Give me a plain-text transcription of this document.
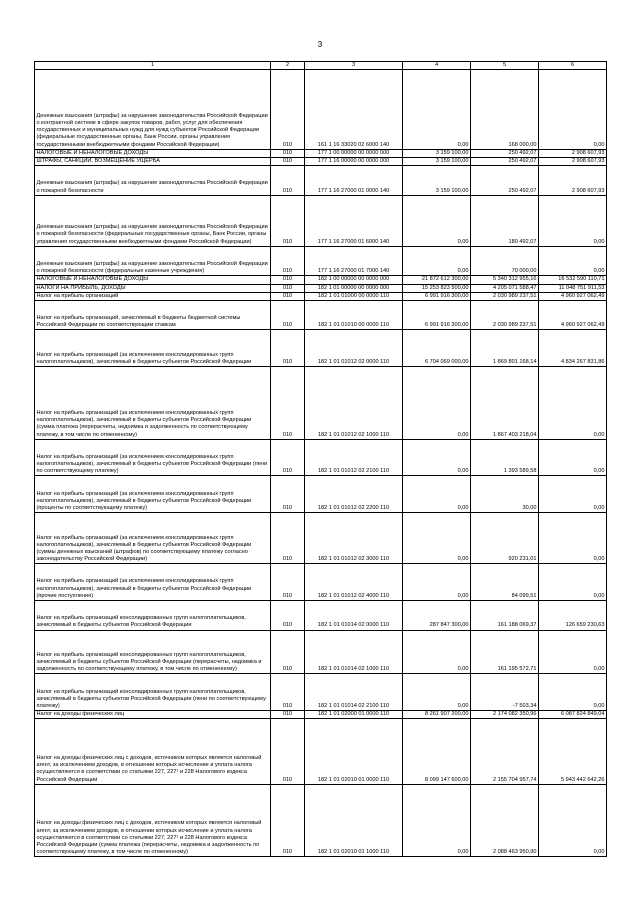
3
1	2	3	4	5	6
Денежные взыскания (штрафы) за нарушение законодательства Российской Федерации о контрактной системе в сфере закупок товаров, работ, услуг для обеспечения государственных и муниципальных нужд для нужд субъектов Российской Федерации (федеральные государственные органы, Банк России, органы управления государственными внебюджетными фондами Российской Федерации)	010	161 1 16 33020 02 6000 140	0,00	168 000,00	0,00
НАЛОГОВЫЕ И НЕНАЛОГОВЫЕ ДОХОДЫ	010	177 1 00 00000 00 0000 000	3 159 100,00	250 492,07	2 908 607,93
ШТРАФЫ, САНКЦИИ, ВОЗМЕЩЕНИЕ УЩЕРБА	010	177 1 16 00000 00 0000 000	3 159 100,00	250 492,07	2 908 607,93
Денежные взыскания (штрафы) за нарушение законодательства Российской Федерации о пожарной безопасности	010	177 1 16 27000 01 0000 140	3 159 100,00	250 492,07	2 908 607,93
Денежные взыскания (штрафы) за нарушение законодательства Российской Федерации о пожарной безопасности (федеральные государственные органы, Банк России, органы управления государственными внебюджетными фондами Российской Федерации)	010	177 1 16 27000 01 6000 140	0,00	180 492,07	0,00
Денежные взыскания (штрафы) за нарушение законодательства Российской Федерации о пожарной безопасности (федеральные казенные учреждения)	010	177 1 16 27000 01 7000 140	0,00	70 000,00	0,00
НАЛОГОВЫЕ И НЕНАЛОГОВЫЕ ДОХОДЫ	010	182 1 00 00000 00 0000 000	21 872 612 300,00	5 340 312 955,16	16 532 590 110,71
НАЛОГИ НА ПРИБЫЛЬ, ДОХОДЫ	010	182 1 01 00000 00 0000 000	15 253 823 500,00	4 205 071 588,47	11 048 751 911,53
Налог на прибыль организаций	010	182 1 01 01000 00 0000 110	6 991 916 300,00	2 030 989 237,51	4 960 927 062,49
Налог на прибыль организаций, зачисляемый в бюджеты бюджетной системы Российской Федерации по соответствующим ставкам	010	182 1 01 01010 00 0000 110	6 991 916 300,00	2 030 989 237,51	4 960 927 062,49
Налог на прибыль организаций (за исключением консолидированных групп налогоплательщиков), зачисляемый в бюджеты субъектов Российской Федерации	010	182 1 01 01012 02 0000 110	6 704 069 000,00	1 869 801 168,14	4 834 267 831,86
Налог на прибыль организаций (за исключением консолидированных групп налогоплательщиков), зачисляемый в бюджеты субъектов Российской Федерации (сумма платежа (перерасчеты, недоимка и задолженность по соответствующему платежу, в том числе по отмененному)	010	182 1 01 01012 02 1000 110	0,00	1 867 403 218,04	0,00
Налог на прибыль организаций (за исключением консолидированных групп налогоплательщиков), зачисляемый в бюджеты субъектов Российской Федерации (пени по соответствующему платежу)	010	182 1 01 01012 02 2100 110	0,00	1 393 589,58	0,00
Налог на прибыль организаций (за исключением консолидированных групп налогоплательщиков), зачисляемый в бюджеты субъектов Российской Федерации (проценты по соответствующему платежу)	010	182 1 01 01012 02 2200 110	0,00	30,00	0,00
Налог на прибыль организаций (за исключением консолидированных групп налогоплательщиков), зачисляемый в бюджеты субъектов Российской Федерации (суммы денежных взысканий (штрафов) по соответствующему платежу согласно законодательству Российской Федерации)	010	182 1 01 01012 02 3000 110	0,00	920 231,01	0,00
Налог на прибыль организаций (за исключением консолидированных групп налогоплательщиков), зачисляемый в бюджеты субъектов Российской Федерации (прочие поступления)	010	182 1 01 01012 02 4000 110	0,00	84 099,51	0,00
Налог на прибыль организаций консолидированных групп налогоплательщиков, зачисляемый в бюджеты субъектов Российской Федерации	010	182 1 01 01014 02 0000 110	287 847 300,00	161 188 069,37	126 659 230,63
Налог на прибыль организаций консолидированных групп налогоплательщиков, зачисляемый в бюджеты субъектов Российской Федерации (перерасчеты, недоимка и задолженность по соответствующему платежу, в том числе по отмененному)	010	182 1 01 01014 02 1000 110	0,00	161 195 572,71	0,00
Налог на прибыль организаций консолидированных групп налогоплательщиков, зачисляемый в бюджеты субъектов Российской Федерации (пени по соответствующему платежу)	010	182 1 01 01014 02 2100 110	0,00	-7 503,34	0,00
Налог на доходы физических лиц	010	182 1 01 02000 01 0000 110	8 261 907 200,00	2 174 082 350,96	6 087 824 849,04
Налог на доходы физических лиц с доходов, источником которых является налоговый агент, за исключением доходов, в отношении которых исчисление и уплата налога осуществляются в соответствии со статьями 227, 227¹ и 228 Налогового кодекса Российской Федерации	010	182 1 01 02010 01 0000 110	8 099 147 600,00	2 155 704 957,74	5 943 442 642,26
Налог на доходы физических лиц с доходов, источником которых является налоговый агент, за исключением доходов, в отношении которых исчисление и уплата налога осуществляются в соответствии со статьями 227, 227¹ и 228 Налогового кодекса Российской Федерации (сумма платежа (перерасчеты, недоимка и задолженность по соответствующему платежу, в том числе по отмененному)	010	182 1 01 02010 01 1000 110	0,00	2 088 463 950,90	0,00
